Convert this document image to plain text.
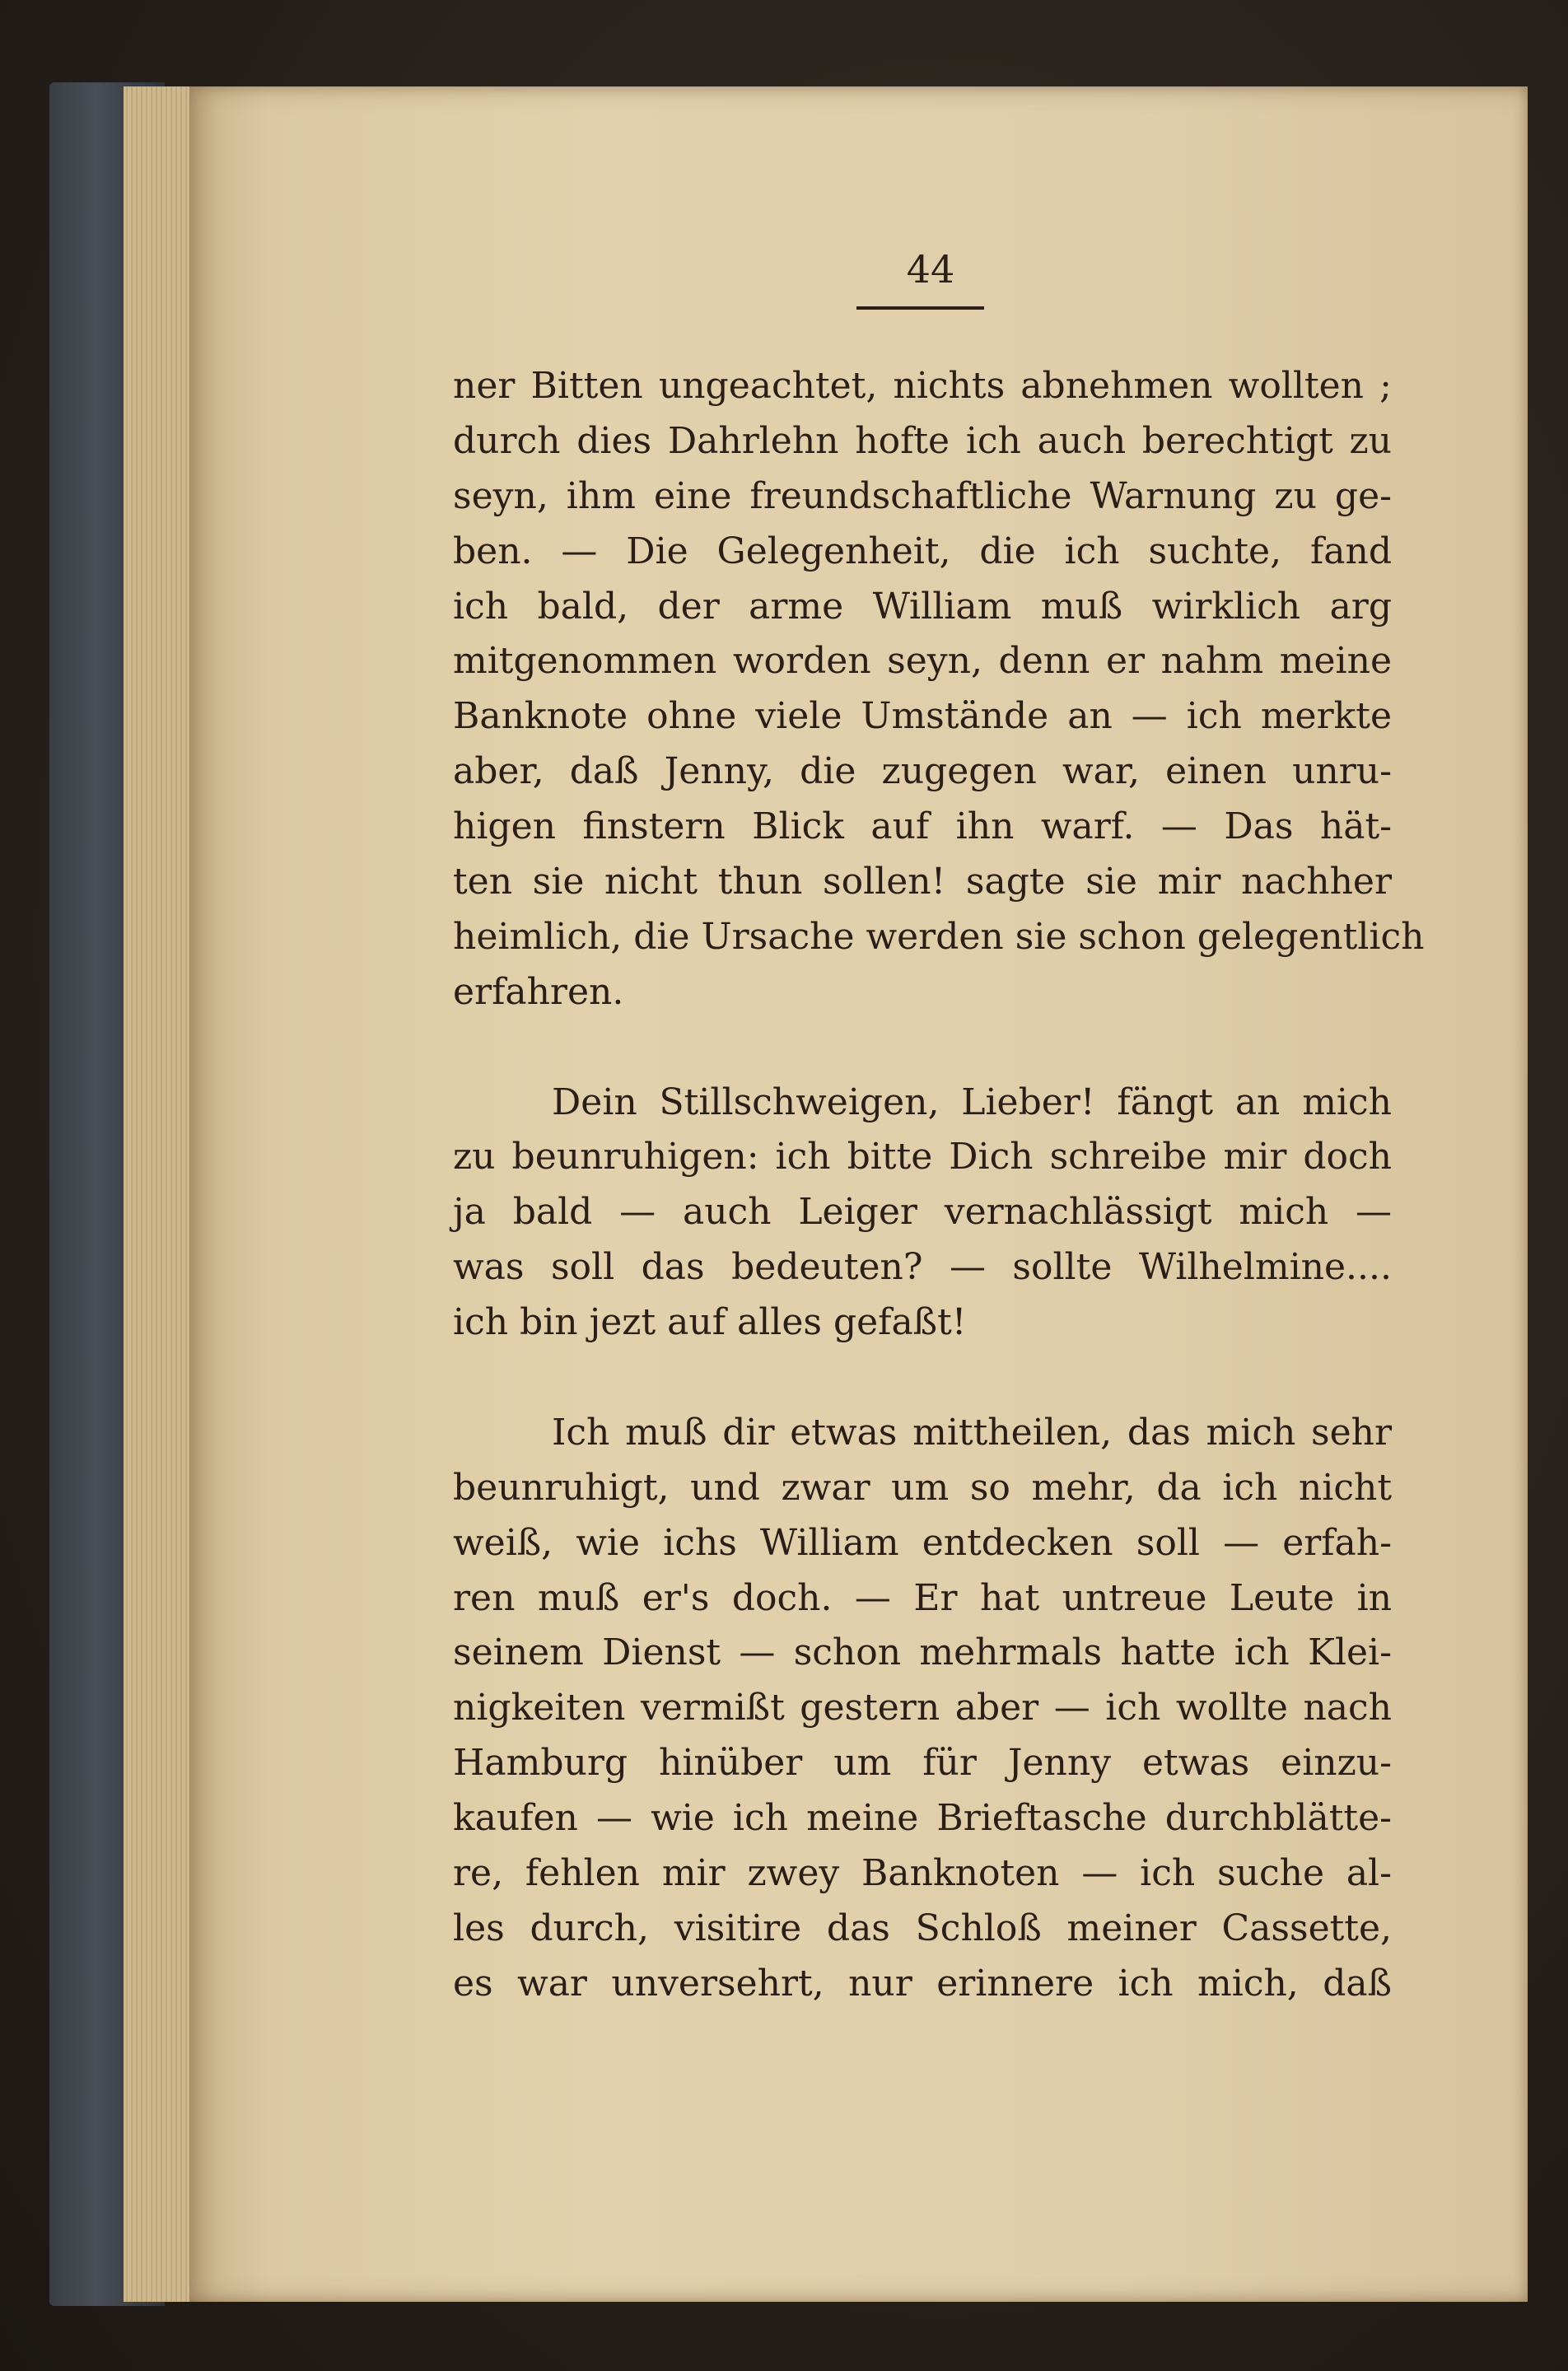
44
ner Bitten ungeachtet, nichts abnehmen wollten ;
durch dies Dahrlehn hofte ich auch berechtigt zu
seyn, ihm eine freundschaftliche Warnung zu ge-
ben. — Die Gelegenheit, die ich suchte, fand
ich bald, der arme William muß wirklich arg
mitgenommen worden seyn, denn er nahm meine
Banknote ohne viele Umstände an — ich merkte
aber, daß Jenny, die zugegen war, einen unru-
higen finstern Blick auf ihn warf. — Das hät-
ten sie nicht thun sollen! sagte sie mir nachher
heimlich, die Ursache werden sie schon gelegentlich
erfahren.
Dein Stillschweigen, Lieber! fängt an mich
zu beunruhigen: ich bitte Dich schreibe mir doch
ja bald — auch Leiger vernachlässigt mich —
was soll das bedeuten? — sollte Wilhelmine....
ich bin jezt auf alles gefaßt!
Ich muß dir etwas mittheilen, das mich sehr
beunruhigt, und zwar um so mehr, da ich nicht
weiß, wie ichs William entdecken soll — erfah-
ren muß er's doch. — Er hat untreue Leute in
seinem Dienst — schon mehrmals hatte ich Klei-
nigkeiten vermißt gestern aber — ich wollte nach
Hamburg hinüber um für Jenny etwas einzu-
kaufen — wie ich meine Brieftasche durchblätte-
re, fehlen mir zwey Banknoten — ich suche al-
les durch, visitire das Schloß meiner Cassette,
es war unversehrt, nur erinnere ich mich, daß
